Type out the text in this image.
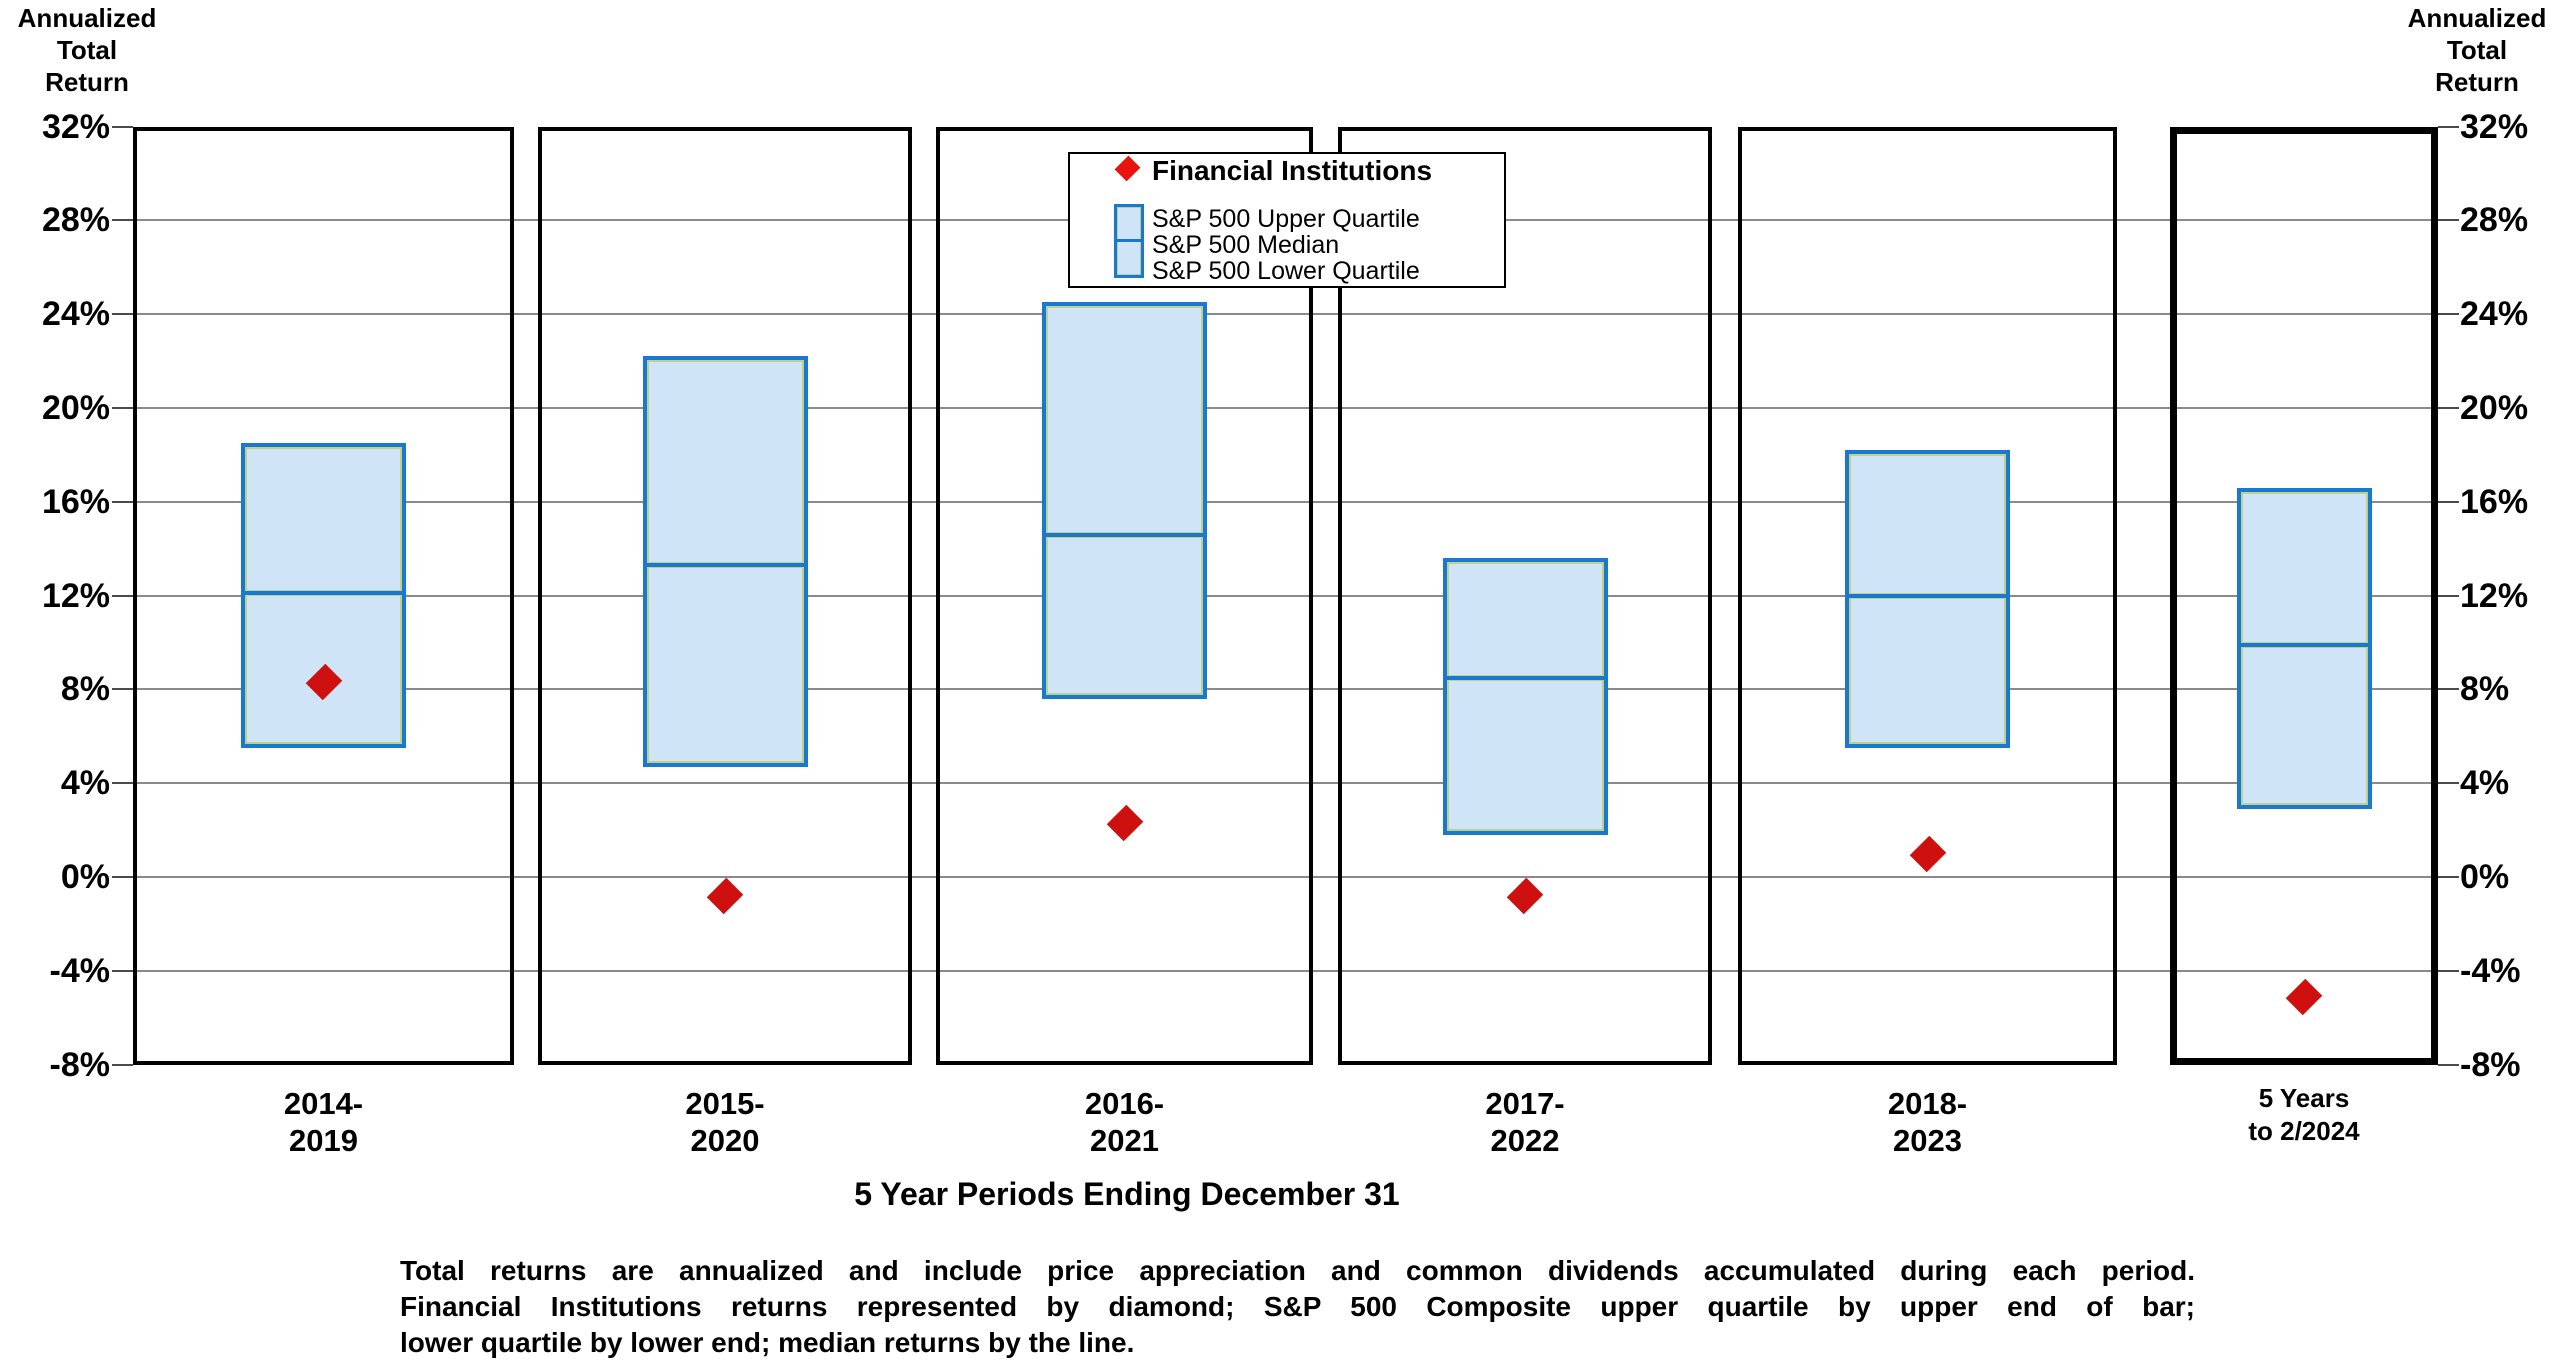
Annualized
Total
Return
Annualized
Total
Return
32%	32%
28%	28%
24%	24%
20%	20%
16%	16%
12%	12%
8%	8%
4%	4%
0%	0%
-4%	-4%
-8%	-8%
2014-
2019
2015-
2020
2016-
2021
2017-
2022
2018-
2023
5 Years
to 2/2024
Financial Institutions
S&P 500 Upper Quartile
S&P 500 Median
S&P 500 Lower Quartile
5 Year Periods Ending December 31
Total returns are annualized and include price appreciation and common dividends accumulated during each period.
Financial Institutions returns represented by diamond; S&P 500 Composite upper quartile by upper end of bar;
lower quartile by lower end; median returns by the line.
